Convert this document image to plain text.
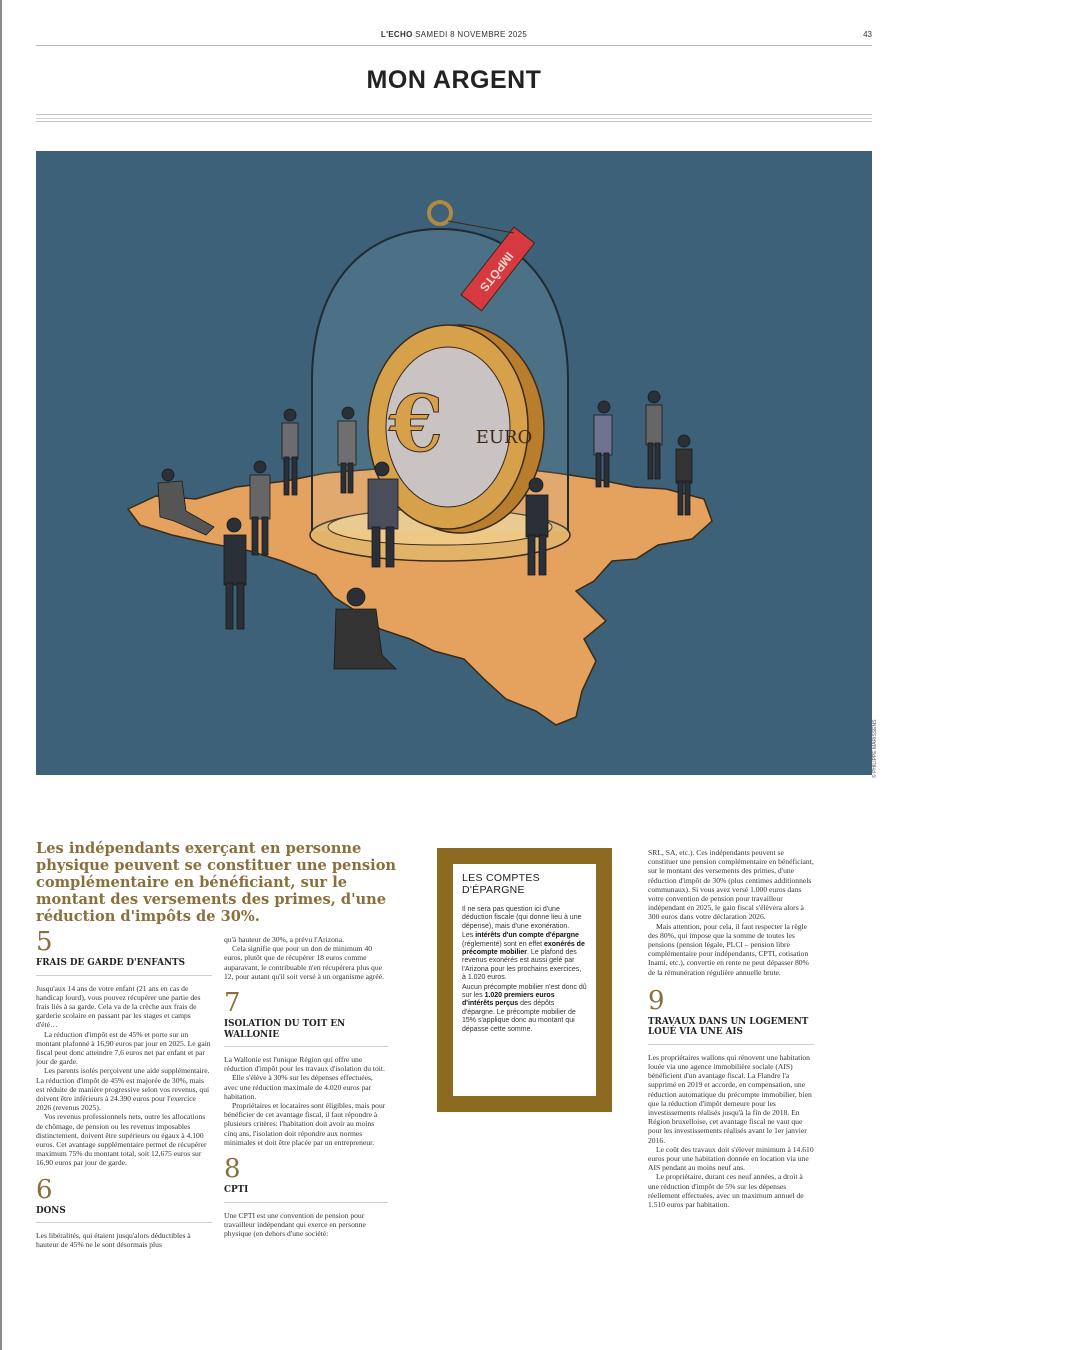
L'ECHO SAMEDI 8 NOVEMBRE 2025	43
MON ARGENT
IMPÔTS
€ EURO
© PHILIPPE MARISSENS

Les indépendants exerçant en personne physique peuvent se constituer une pension complémentaire en bénéficiant, sur le montant des versements des primes, d'une réduction d'impôts de 30%.

5
FRAIS DE GARDE D'ENFANTS

Jusqu'aux 14 ans de votre enfant (21 ans en cas de handicap lourd), vous pouvez récupérer une partie des frais liés à sa garde. Cela va de la crèche aux frais de garderie scolaire en passant par les stages et camps d'été…

La réduction d'impôt est de 45% et porte sur un montant plafonné à 16,90 euros par jour en 2025. Le gain fiscal peut donc atteindre 7,6 euros net par enfant et par jour de garde.

Les parents isolés perçoivent une aide supplémentaire. La réduction d'impôt de 45% est majorée de 30%, mais est réduite de manière progressive selon vos revenus, qui doivent être inférieurs à 24.390 euros pour l'exercice 2026 (revenus 2025).

Vos revenus professionnels nets, outre les allocations de chômage, de pension ou les revenus imposables distinctement, doivent être supérieurs ou égaux à 4.100 euros. Cet avantage supplémentaire permet de récupérer maximum 75% du montant total, soit 12,675 euros sur 16,90 euros par jour de garde.

6
DONS

Les libéralités, qui étaient jusqu'alors déductibles à hauteur de 45% ne le sont désormais plus

qu'à hauteur de 30%, a prévu l'Arizona.

Cela signifie que pour un don de minimum 40 euros, plutôt que de récupérer 18 euros comme auparavant, le contribuable n'en récupérera plus que 12, pour autant qu'il soit versé à un organisme agréé.

7
ISOLATION DU TOIT EN WALLONIE

La Wallonie est l'unique Région qui offre une réduction d'impôt pour les travaux d'isolation du toit.

Elle s'élève à 30% sur les dépenses effectuées, avec une réduction maximale de 4.020 euros par habitation.

Propriétaires et locataires sont éligibles, mais pour bénéficier de cet avantage fiscal, il faut répondre à plusieurs critères: l'habitation doit avoir au moins cinq ans, l'isolation doit répondre aux normes minimales et doit être placée par un entrepreneur.

8
CPTI

Une CPTI est une convention de pension pour travailleur indépendant qui exerce en personne physique (en dehors d'une société:

LES COMPTES D'ÉPARGNE

Il ne sera pas question ici d'une déduction fiscale (qui donne lieu à une dépense), mais d'une exonération.

Les intérêts d'un compte d'épargne (réglementé) sont en effet exonérés de précompte mobilier. Le plafond des revenus exonérés est aussi gelé par l'Arizona pour les prochains exercices, à 1.020 euros.

Aucun précompte mobilier n'est donc dû sur les 1.020 premiers euros d'intérêts perçus des dépôts d'épargne. Le précompte mobilier de 15% s'applique donc au montant qui dépasse cette somme.

SRL, SA, etc.). Ces indépendants peuvent se constituer une pension complémentaire en bénéficiant, sur le montant des versements des primes, d'une réduction d'impôt de 30% (plus centimes additionnels communaux). Si vous avez versé 1.000 euros dans votre convention de pension pour travailleur indépendant en 2025, le gain fiscal s'élèvera alors à 300 euros dans votre déclaration 2026.

Mais attention, pour cela, il faut respecter la règle des 80%, qui impose que la somme de toutes les pensions (pension légale, PLCI – pension libre complémentaire pour indépendants, CPTI, cotisation Inami, etc.), convertie en rente ne peut dépasser 80% de la rémunération régulière annuelle brute.

9
TRAVAUX DANS UN LOGEMENT LOUÉ VIA UNE AIS

Les propriétaires wallons qui rénovent une habitation louée via une agence immobilière sociale (AIS) bénéficient d'un avantage fiscal. La Flandre l'a supprimé en 2019 et accorde, en compensation, une réduction automatique du précompte immobilier, bien que la réduction d'impôt demeure pour les investissements réalisés jusqu'à la fin de 2018. En Région bruxelloise, cet avantage fiscal ne vaut que pour les investissements réalisés avant le 1er janvier 2016.

Le coût des travaux doit s'élever minimum à 14.610 euros pour une habitation donnée en location via une AIS pendant au moins neuf ans.

Le propriétaire, durant ces neuf années, a droit à une réduction d'impôt de 5% sur les dépenses réellement effectuées, avec un maximum annuel de 1.510 euros par habitation.
